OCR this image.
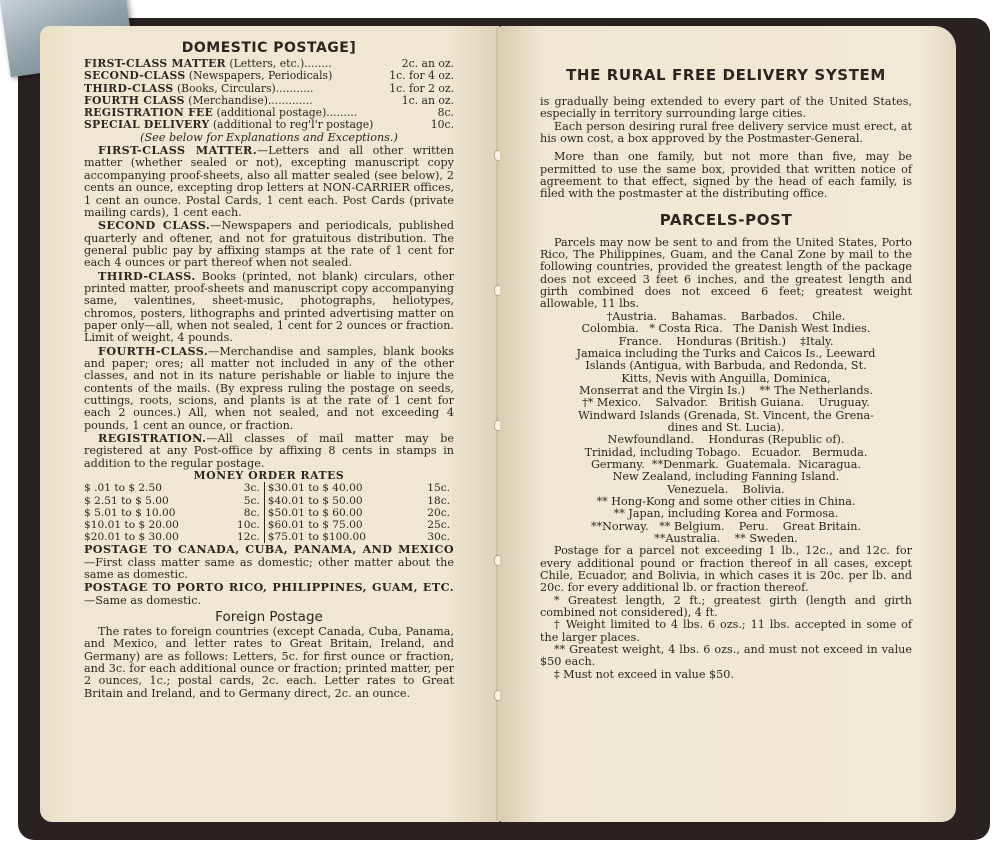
DOMESTIC POSTAGE]
FIRST-CLASS MATTER (Letters, etc.)........	2c. an oz.
SECOND-CLASS (Newspapers, Periodicals)	1c. for 4 oz.
THIRD-CLASS (Books, Circulars)...........	1c. for 2 oz.
FOURTH CLASS (Merchandise).............	1c. an oz.
REGISTRATION FEE (additional postage).........	8c.
SPECIAL DELIVERY (additional to reg'l'r postage)	10c.
(See below for Explanations and Exceptions.)

FIRST-CLASS MATTER.—Letters and all other written matter (whether sealed or not), excepting manuscript copy accompanying proof-sheets, also all matter sealed (see below), 2 cents an ounce, excepting drop letters at NON-CARRIER offices, 1 cent an ounce. Postal Cards, 1 cent each. Post Cards (private mailing cards), 1 cent each.

SECOND CLASS.—Newspapers and periodicals, published quarterly and oftener, and not for gratuitous distribution. The general public pay by affixing stamps at the rate of 1 cent for each 4 ounces or part thereof when not sealed.

THIRD-CLASS. Books (printed, not blank) circulars, other printed matter, proof-sheets and manuscript copy accompanying same, valentines, sheet-music, photographs, heliotypes, chromos, posters, lithographs and printed advertising matter on paper only—all, when not sealed, 1 cent for 2 ounces or fraction. Limit of weight, 4 pounds.

FOURTH-CLASS.—Merchandise and samples, blank books and paper; ores; all matter not included in any of the other classes, and not in its nature perishable or liable to injure the contents of the mails. (By express ruling the postage on seeds, cuttings, roots, scions, and plants is at the rate of 1 cent for each 2 ounces.) All, when not sealed, and not exceeding 4 pounds, 1 cent an ounce, or fraction.

REGISTRATION.—All classes of mail matter may be registered at any Post-office by affixing 8 cents in stamps in addition to the regular postage.

MONEY ORDER RATES
$ .01 to $ 2.50	3c.	$30.01 to $ 40.00	15c.
$ 2.51 to $ 5.00	5c.	$40.01 to $ 50.00	18c.
$ 5.01 to $ 10.00	8c.	$50.01 to $ 60.00	20c.
$10.01 to $ 20.00	10c.	$60.01 to $ 75.00	25c.
$20.01 to $ 30.00	12c.	$75.01 to $100.00	30c.

POSTAGE TO CANADA, CUBA, PANAMA, AND MEXICO—First class matter same as domestic; other matter about the same as domestic.

POSTAGE TO PORTO RICO, PHILIPPINES, GUAM, ETC.—Same as domestic.

Foreign Postage

The rates to foreign countries (except Canada, Cuba, Panama, and Mexico, and letter rates to Great Britain, Ireland, and Germany) are as follows: Letters, 5c. for first ounce or fraction, and 3c. for each additional ounce or fraction; printed matter, per 2 ounces, 1c.; postal cards, 2c. each. Letter rates to Great Britain and Ireland, and to Germany direct, 2c. an ounce.

THE RURAL FREE DELIVERY SYSTEM

is gradually being extended to every part of the United States, especially in territory surrounding large cities.

Each person desiring rural free delivery service must erect, at his own cost, a box approved by the Postmaster-General.

More than one family, but not more than five, may be permitted to use the same box, provided that written notice of agreement to that effect, signed by the head of each family, is filed with the postmaster at the distributing office.

PARCELS-POST

Parcels may now be sent to and from the United States, Porto Rico, The Philippines, Guam, and the Canal Zone by mail to the following countries, provided the greatest length of the package does not exceed 3 feet 6 inches, and the greatest length and girth combined does not exceed 6 feet; greatest weight allowable, 11 lbs.

†Austria.    Bahamas.    Barbados.    Chile.
Colombia.   * Costa Rica.   The Danish West Indies.
France.    Honduras (British.)    ‡Italy.
Jamaica including the Turks and Caicos Is., Leeward
Islands (Antigua, with Barbuda, and Redonda, St.
Kitts, Nevis with Anguilla, Dominica,
Monserrat and the Virgin Is.)    ** The Netherlands.
†* Mexico.    Salvador.   British Guiana.    Uruguay.
Windward Islands (Grenada, St. Vincent, the Grena-
dines and St. Lucia).
Newfoundland.    Honduras (Republic of).
Trinidad, including Tobago.   Ecuador.   Bermuda.
Germany.  **Denmark.  Guatemala.  Nicaragua.
New Zealand, including Fanning Island.
Venezuela.    Bolivia.
** Hong-Kong and some other cities in China.
** Japan, including Korea and Formosa.
**Norway.   ** Belgium.    Peru.    Great Britain.
**Australia.    ** Sweden.

Postage for a parcel not exceeding 1 lb., 12c., and 12c. for every additional pound or fraction thereof in all cases, except Chile, Ecuador, and Bolivia, in which cases it is 20c. per lb. and 20c. for every additional lb. or fraction thereof.

* Greatest length, 2 ft.; greatest girth (length and girth combined not considered), 4 ft.

† Weight limited to 4 lbs. 6 ozs.; 11 lbs. accepted in some of the larger places.

** Greatest weight, 4 lbs. 6 ozs., and must not exceed in value $50 each.

‡ Must not exceed in value $50.
